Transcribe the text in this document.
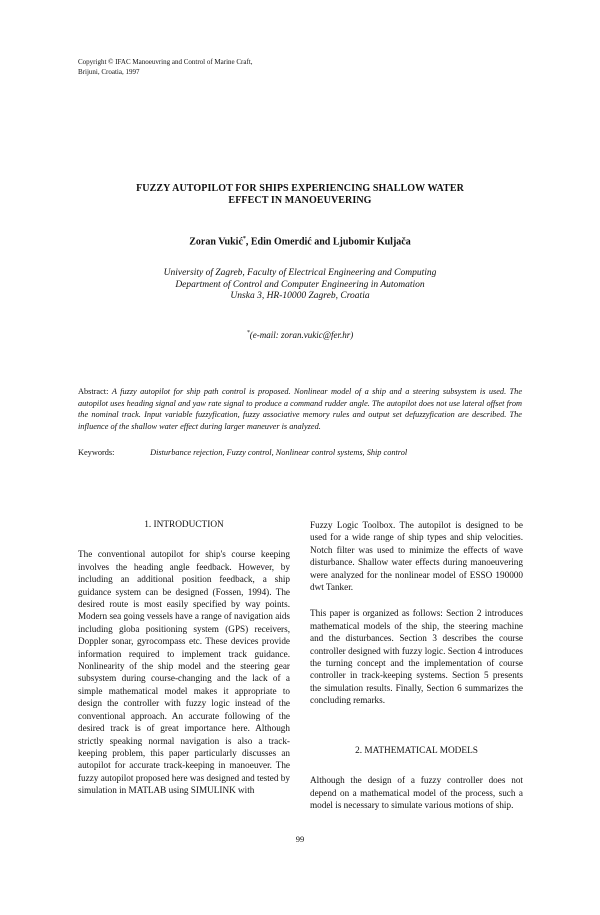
Copyright © IFAC Manoeuvring and Control of Marine Craft,
Brijuni, Croatia, 1997
FUZZY AUTOPILOT FOR SHIPS EXPERIENCING SHALLOW WATER
EFFECT IN MANOEUVERING
Zoran Vukić*, Edin Omerdić and Ljubomir Kuljača
University of Zagreb, Faculty of Electrical Engineering and Computing
Department of Control and Computer Engineering in Automation
Unska 3, HR-10000 Zagreb, Croatia
*(e-mail: zoran.vukic@fer.hr)
Abstract: A fuzzy autopilot for ship path control is proposed. Nonlinear model of a ship and a steering subsystem is used. The autopilot uses heading signal and yaw rate signal to produce a command rudder angle. The autopilot does not use lateral offset from the nominal track. Input variable fuzzyfication, fuzzy associative memory rules and output set defuzzyfication are described. The influence of the shallow water effect during larger maneuver is analyzed.
Keywords:	Disturbance rejection, Fuzzy control, Nonlinear control systems, Ship control
1. INTRODUCTION

The conventional autopilot for ship's course keeping involves the heading angle feedback. However, by including an additional position feedback, a ship guidance system can be designed (Fossen, 1994). The desired route is most easily specified by way points. Modern sea going vessels have a range of navigation aids including globa positioning system (GPS) receivers, Doppler sonar, gyrocompass etc. These devices provide information required to implement track guidance. Nonlinearity of the ship model and the steering gear subsystem during course-changing and the lack of a simple mathematical model makes it appropriate to design the controller with fuzzy logic instead of the conventional approach. An accurate following of the desired track is of great importance here. Although strictly speaking normal navigation is also a track-keeping problem, this paper particularly discusses an autopilot for accurate track-keeping in manoeuver. The fuzzy autopilot proposed here was designed and tested by simulation in MATLAB using SIMULINK with

Fuzzy Logic Toolbox. The autopilot is designed to be used for a wide range of ship types and ship velocities. Notch filter was used to minimize the effects of wave disturbance. Shallow water effects during manoeuvering were analyzed for the nonlinear model of ESSO 190000 dwt Tanker.

This paper is organized as follows: Section 2 introduces mathematical models of the ship, the steering machine and the disturbances. Section 3 describes the course controller designed with fuzzy logic. Section 4 introduces the turning concept and the implementation of course controller in track-keeping systems. Section 5 presents the simulation results. Finally, Section 6 summarizes the concluding remarks.

2. MATHEMATICAL MODELS

Although the design of a fuzzy controller does not depend on a mathematical model of the process, such a model is necessary to simulate various motions of ship.

99
